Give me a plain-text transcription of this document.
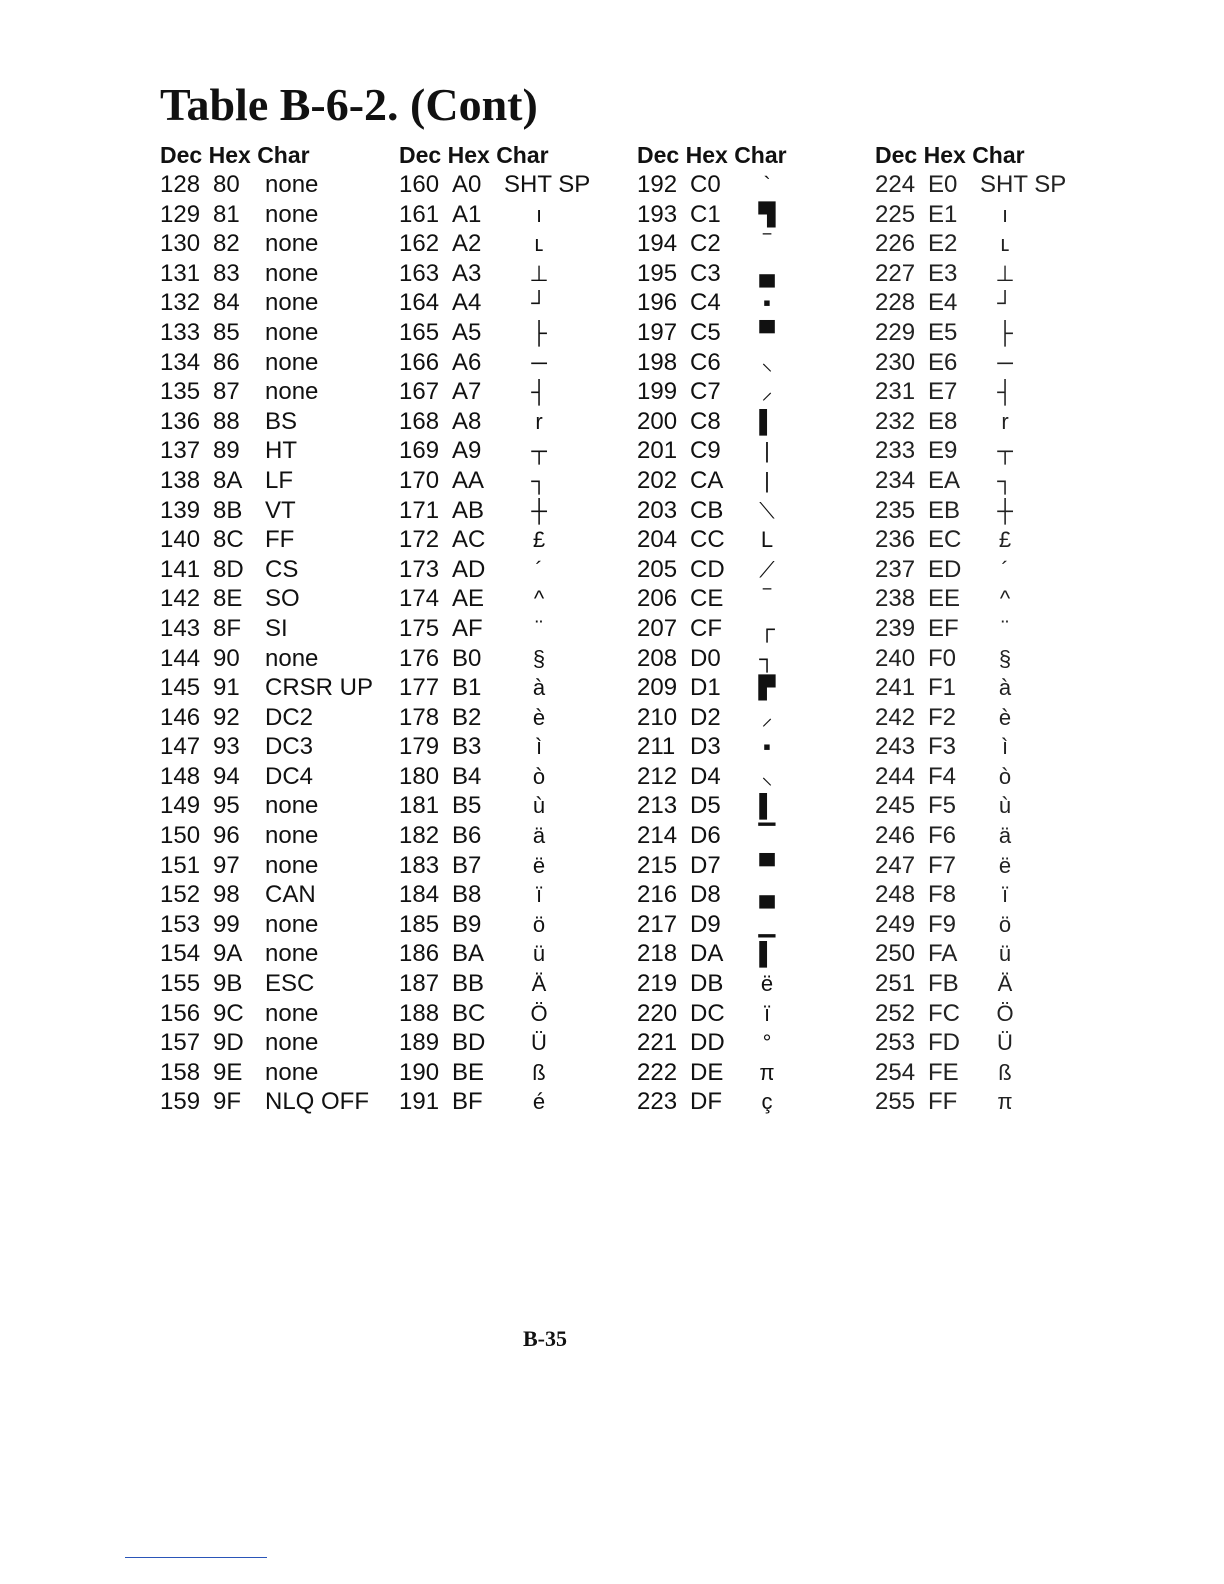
Table B-6-2. (Cont)
Dec Hex Char
128 80	none
129 81	none
130 82	none
131 83	none
132 84	none
133 85	none
134 86	none
135 87	none
136 88	BS
137 89	HT
138 8A LF
139 8B VT
140 8C FF
141 8D CS
142 8E SO
143 8F SI
144 90	none
145 91	CRSR UP
146 92	DC2
147 93	DC3
148 94	DC4
149 95	none
150 96	none
151 97	none
152 98	CAN
153 99	none
154 9A none
155 9B ESC
156 9C none
157 9D none
158 9E none
159 9F NLQ OFF
Dec Hex Char
160 A0 SHT SP
161 A1	ı
162 A2	ʟ
163 A3	⊥
164 A4	┘
165 A5	├
166 A6	─
167 A7	┤
168 A8	r
169 A9	┬
170 AA	┐
171 AB	┼
172 AC	£
173 AD	´
174 AE	^
175 AF	¨
176 B0	§
177 B1	à
178 B2	è
179 B3	ì
180 B4	ò
181 B5	ù
182 B6	ä
183 B7	ë
184 B8	ï
185 B9	ö
186 BA	ü
187 BB	Ä
188 BC	Ö
189 BD	Ü
190 BE	ß
191 BF	é
Dec Hex Char
192 C0	`
193 C1	▜
194 C2	‾
195 C3	▄
196 C4	▪
197 C5	▀
198 C6	⸜
199 C7	⸝
200 C8	▌
201 C9	|
202 CA	|
203 CB	⟍
204 CC	L
205 CD	⟋
206 CE	‾
207 CF	┌
208 D0	┐
209 D1	▛
210 D2	⸝
211 D3	▪
212 D4	⸜
213 D5	▌
214 D6	▔
215 D7	▀
216 D8	▄
217 D9	▁
218 DA	▌
219 DB	ë
220 DC	ï
221 DD	°
222 DE	π
223 DF	ç
Dec Hex Char
224 E0 SHT SP
225 E1	ı
226 E2	ʟ
227 E3	⊥
228 E4	┘
229 E5	├
230 E6	─
231 E7	┤
232 E8	r
233 E9	┬
234 EA	┐
235 EB	┼
236 EC	£
237 ED	´
238 EE	^
239 EF	¨
240 F0	§
241 F1	à
242 F2	è
243 F3	ì
244 F4	ò
245 F5	ù
246 F6	ä
247 F7	ë
248 F8	ï
249 F9	ö
250 FA	ü
251 FB	Ä
252 FC	Ö
253 FD	Ü
254 FE	ß
255 FF	π
B-35
